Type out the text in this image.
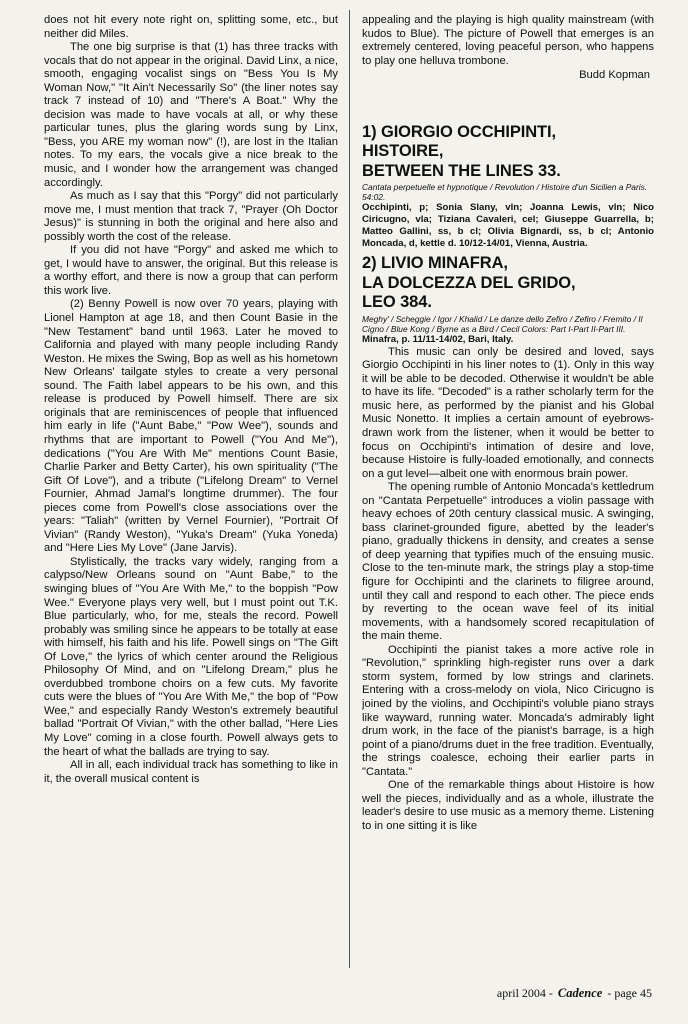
does not hit every note right on, splitting some, etc., but neither did Miles.

The one big surprise is that (1) has three tracks with vocals that do not appear in the original. David Linx, a nice, smooth, engaging vocalist sings on "Bess You Is My Woman Now," "It Ain't Necessarily So" (the liner notes say track 7 instead of 10) and "There's A Boat." Why the decision was made to have vocals at all, or why these particular tunes, plus the glaring words sung by Linx, "Bess, you ARE my woman now" (!), are lost in the Italian notes. To my ears, the vocals give a nice break to the music, and I wonder how the arrangement was changed accordingly.

As much as I say that this "Porgy" did not particularly move me, I must mention that track 7, "Prayer (Oh Doctor Jesus)" is stunning in both the original and here also and possibly worth the cost of the release.

If you did not have "Porgy" and asked me which to get, I would have to answer, the original. But this release is a worthy effort, and there is now a group that can perform this work live.

(2) Benny Powell is now over 70 years, playing with Lionel Hampton at age 18, and then Count Basie in the "New Testament" band until 1963. Later he moved to California and played with many people including Randy Weston. He mixes the Swing, Bop as well as his hometown New Orleans' tailgate styles to create a very personal sound. The Faith label appears to be his own, and this release is produced by Powell himself. There are six originals that are reminiscences of people that influenced him early in life ("Aunt Babe," "Pow Wee"), sounds and rhythms that are important to Powell ("You And Me"), dedications ("You Are With Me" mentions Count Basie, Charlie Parker and Betty Carter), his own spirituality ("The Gift Of Love"), and a tribute ("Lifelong Dream" to Vernel Fournier, Ahmad Jamal's longtime drummer). The four pieces come from Powell's close associations over the years: "Taliah" (written by Vernel Fournier), "Portrait Of Vivian" (Randy Weston), "Yuka's Dream" (Yuka Yoneda) and "Here Lies My Love" (Jane Jarvis).

Stylistically, the tracks vary widely, ranging from a calypso/New Orleans sound on "Aunt Babe," to the swinging blues of "You Are With Me," to the boppish "Pow Wee." Everyone plays very well, but I must point out T.K. Blue particularly, who, for me, steals the record. Powell probably was smiling since he appears to be totally at ease with himself, his faith and his life. Powell sings on "The Gift Of Love," the lyrics of which center around the Religious Philosophy Of Mind, and on "Lifelong Dream," plus he overdubbed trombone choirs on a few cuts. My favorite cuts were the blues of "You Are With Me," the bop of "Pow Wee," and especially Randy Weston's extremely beautiful ballad "Portrait Of Vivian," with the other ballad, "Here Lies My Love" coming in a close fourth. Powell always gets to the heart of what the ballads are trying to say.

All in all, each individual track has something to like in it, the overall musical content is

appealing and the playing is high quality mainstream (with kudos to Blue). The picture of Powell that emerges is an extremely centered, loving peaceful person, who happens to play one helluva trombone.

Budd Kopman
1) GIORGIO OCCHIPINTI,
HISTOIRE,
BETWEEN THE LINES 33.
Cantata perpetuelle et hypnotique / Revolution / Histoire d'un Sicilien a Paris. 54:02.
Occhipinti, p; Sonia Slany, vln; Joanna Lewis, vln; Nico Ciricugno, vla; Tiziana Cavaleri, cel; Giuseppe Guarrella, b; Matteo Gallini, ss, b cl; Olivia Bignardi, ss, b cl; Antonio Moncada, d, kettle d. 10/12-14/01, Vienna, Austria.
2) LIVIO MINAFRA,
LA DOLCEZZA DEL GRIDO,
LEO 384.
Meghy' / Scheggie / Igor / Khalid / Le danze dello Zefiro / Zefiro / Fremito / Il Cigno / Blue Kong / Byrne as a Bird / Cecil Colors: Part I-Part II-Part III.
Minafra, p. 11/11-14/02, Bari, Italy.

This music can only be desired and loved, says Giorgio Occhipinti in his liner notes to (1). Only in this way it will be able to be decoded. Otherwise it wouldn't be able to have its life. "Decoded" is a rather scholarly term for the music here, as performed by the pianist and his Global Music Nonetto. It implies a certain amount of eyebrows-drawn work from the listener, when it would be better to focus on Occhipinti's intimation of desire and love, because Histoire is fully-loaded emotionally, and connects on a gut level—albeit one with enormous brain power.

The opening rumble of Antonio Moncada's kettledrum on "Cantata Perpetuelle" introduces a violin passage with heavy echoes of 20th century classical music. A swinging, bass clarinet-grounded figure, abetted by the leader's piano, gradually thickens in density, and creates a sense of deep yearning that typifies much of the ensuing music. Close to the ten-minute mark, the strings play a stop-time figure for Occhipinti and the clarinets to filigree around, until they call and respond to each other. The piece ends by reverting to the ocean wave feel of its initial movements, with a handsomely scored recapitulation of the main theme.

Occhipinti the pianist takes a more active role in "Revolution," sprinkling high-register runs over a dark storm system, formed by low strings and clarinets. Entering with a cross-melody on viola, Nico Ciricugno is joined by the violins, and Occhipinti's voluble piano strays like wayward, running water. Moncada's admirably light drum work, in the face of the pianist's barrage, is a high point of a piano/drums duet in the free tradition. Eventually, the strings coalesce, echoing their earlier parts in "Cantata."

One of the remarkable things about Histoire is how well the pieces, individually and as a whole, illustrate the leader's desire to use music as a memory theme. Listening to in one sitting it is like

april 2004 - Cadence - page 45
